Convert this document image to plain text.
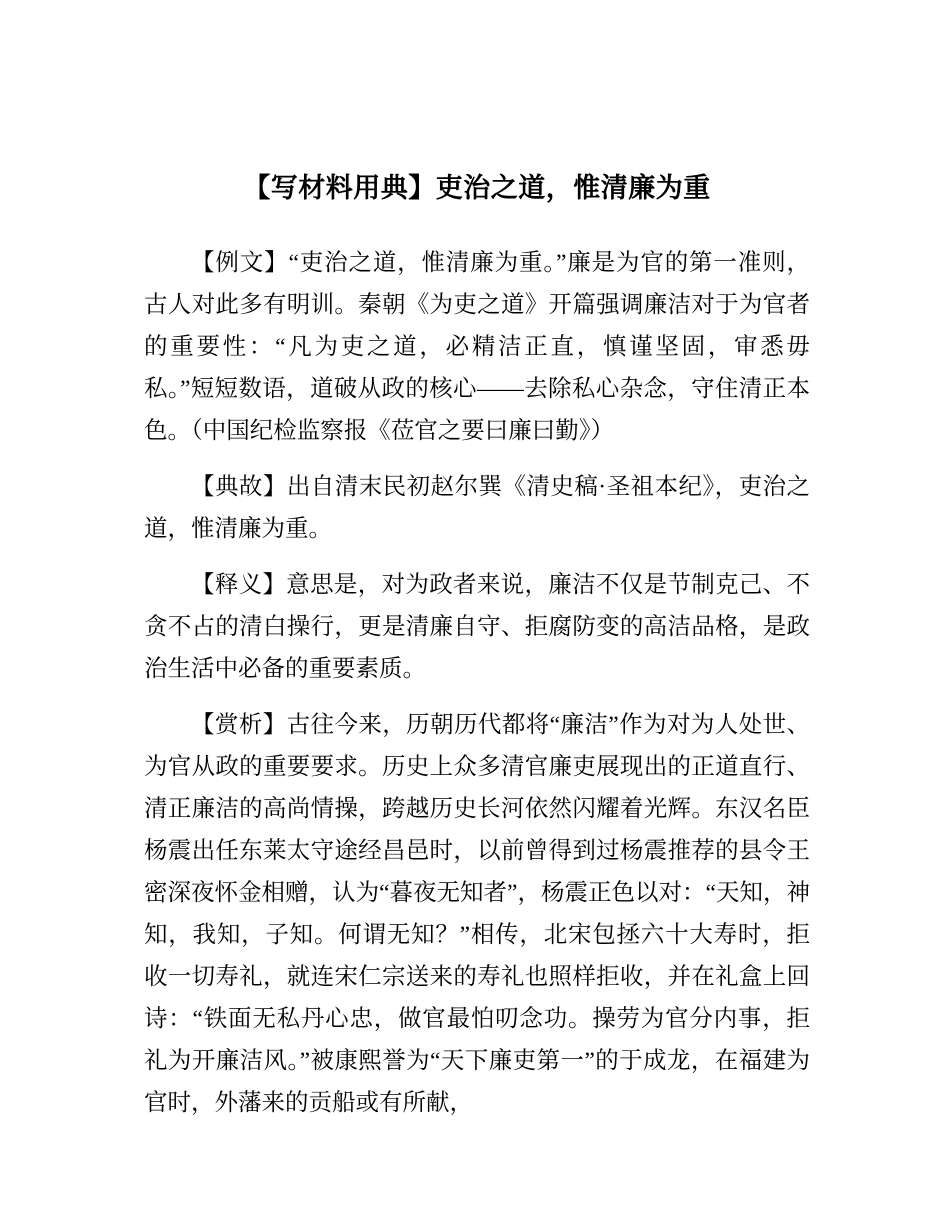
【写材料用典】吏治之道，惟清廉为重

【例文】“吏治之道，惟清廉为重。”廉是为官的第一准则，古人对此多有明训。秦朝《为吏之道》开篇强调廉洁对于为官者的重要性：“凡为吏之道，必精洁正直，慎谨坚固，审悉毋私。”短短数语，道破从政的核心——去除私心杂念，守住清正本色。（中国纪检监察报《莅官之要曰廉曰勤》）

【典故】出自清末民初赵尔巽《清史稿·圣祖本纪》，吏治之道，惟清廉为重。

【释义】意思是，对为政者来说，廉洁不仅是节制克己、不贪不占的清白操行，更是清廉自守、拒腐防变的高洁品格，是政治生活中必备的重要素质。

【赏析】古往今来，历朝历代都将“廉洁”作为对为人处世、为官从政的重要要求。历史上众多清官廉吏展现出的正道直行、清正廉洁的高尚情操，跨越历史长河依然闪耀着光辉。东汉名臣杨震出任东莱太守途经昌邑时，以前曾得到过杨震推荐的县令王密深夜怀金相赠，认为“暮夜无知者”，杨震正色以对：“天知，神知，我知，子知。何谓无知？”相传，北宋包拯六十大寿时，拒收一切寿礼，就连宋仁宗送来的寿礼也照样拒收，并在礼盒上回诗：“铁面无私丹心忠，做官最怕叨念功。操劳为官分内事，拒礼为开廉洁风。”被康熙誉为“天下廉吏第一”的于成龙，在福建为官时，外藩来的贡船或有所献，
